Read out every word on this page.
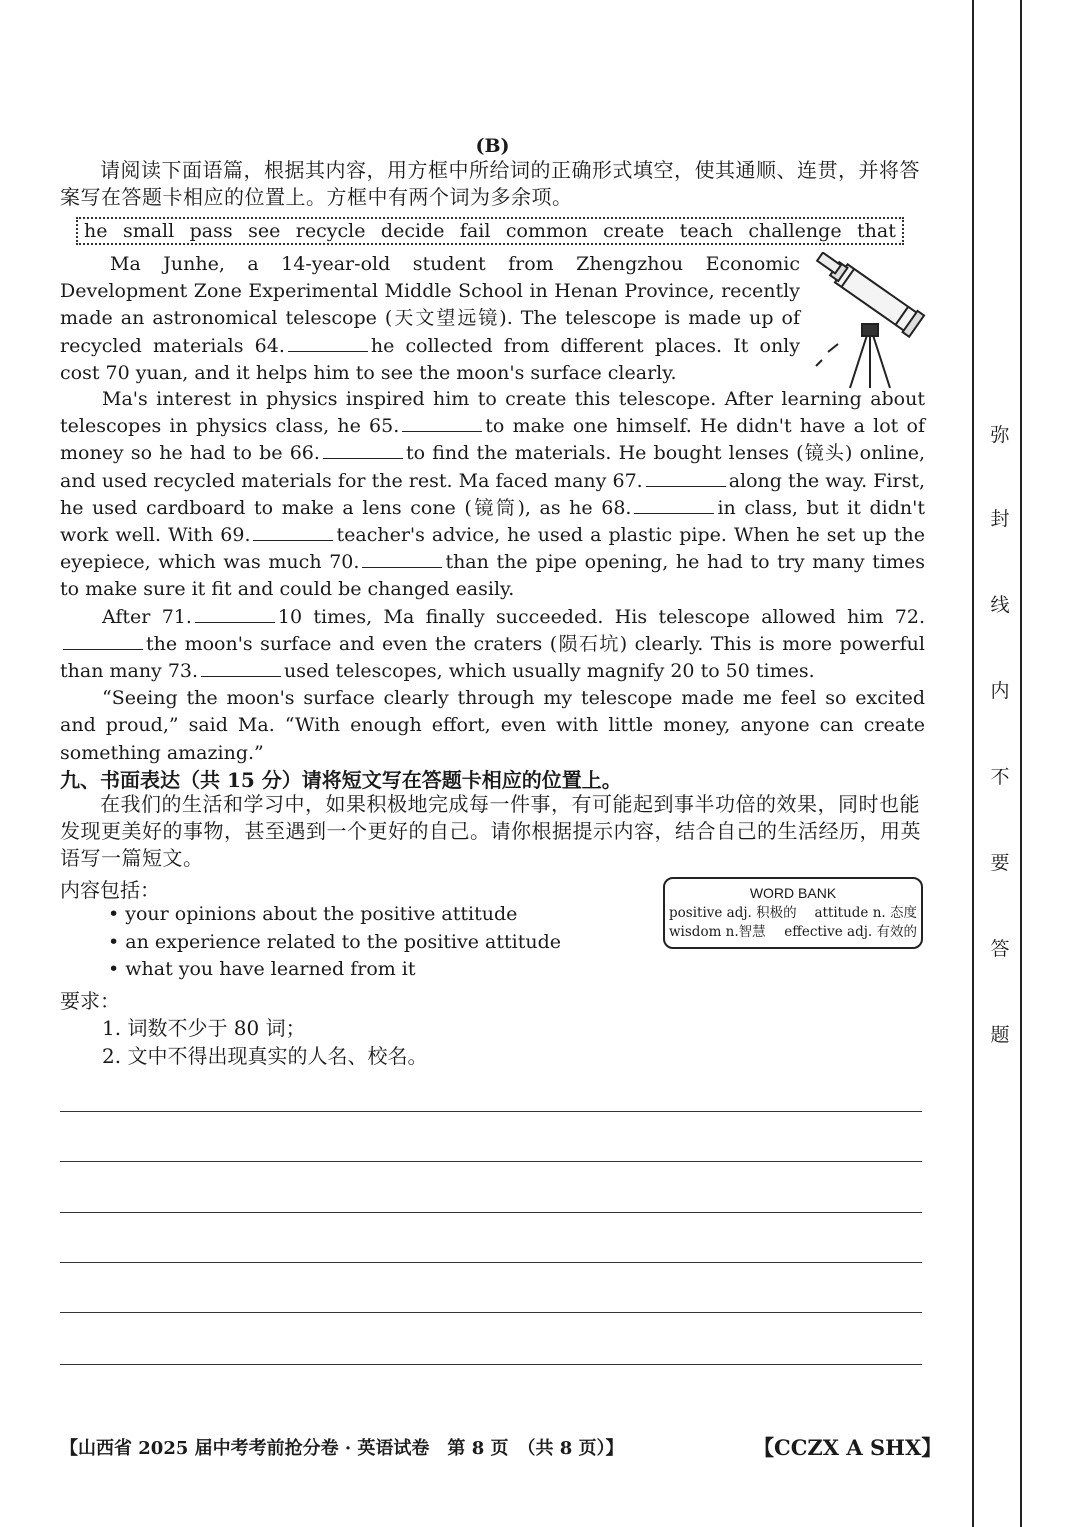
(B)
请阅读下面语篇，根据其内容，用方框中所给词的正确形式填空，使其通顺、连贯，并将答案写在答题卡相应的位置上。方框中有两个词为多余项。
he small pass see recycle decide fail common create teach challenge that
Ma Junhe, a 14-year-old student from Zhengzhou Economic Development Zone Experimental Middle School in Henan Province, recently made an astronomical telescope (天文望远镜). The telescope is made up of recycled materials 64.	he collected from different places. It only cost 70 yuan, and it helps him to see the moon's surface clearly.

Ma's interest in physics inspired him to create this telescope. After learning about telescopes in physics class, he 65.	to make one himself. He didn't have a lot of money so he had to be 66.	to find the materials. He bought lenses (镜头) online, and used recycled materials for the rest. Ma faced many 67.	along the way. First, he used cardboard to make a lens cone (镜筒), as he 68.	in class, but it didn't work well. With 69.	teacher's advice, he used a plastic pipe. When he set up the eyepiece, which was much 70.	than the pipe opening, he had to try many times to make sure it fit and could be changed easily.

After 71.	10 times, Ma finally succeeded. His telescope allowed him 72.the moon's surface and even the craters (陨石坑) clearly. This is more powerful than many 73.	used telescopes, which usually magnify 20 to 50 times.

“Seeing the moon's surface clearly through my telescope made me feel so excited and proud,” said Ma. “With enough effort, even with little money, anyone can create something amazing.”

九、书面表达（共 15 分）请将短文写在答题卡相应的位置上。
在我们的生活和学习中，如果积极地完成每一件事，有可能起到事半功倍的效果，同时也能发现更美好的事物，甚至遇到一个更好的自己。请你根据提示内容，结合自己的生活经历，用英语写一篇短文。
内容包括：
• your opinions about the positive attitude
• an experience related to the positive attitude
• what you have learned from it
WORD BANK
positive adj. 积极的 attitude n. 态度
wisdom n.智慧 effective adj. 有效的
要求：
1. 词数不少于 80 词；
2. 文中不得出现真实的人名、校名。
【山西省 2025 届中考考前抢分卷 · 英语试卷　第 8 页　（共 8 页）】	【CCZX A SHX】
弥
封
线
内
不
要
答
题
